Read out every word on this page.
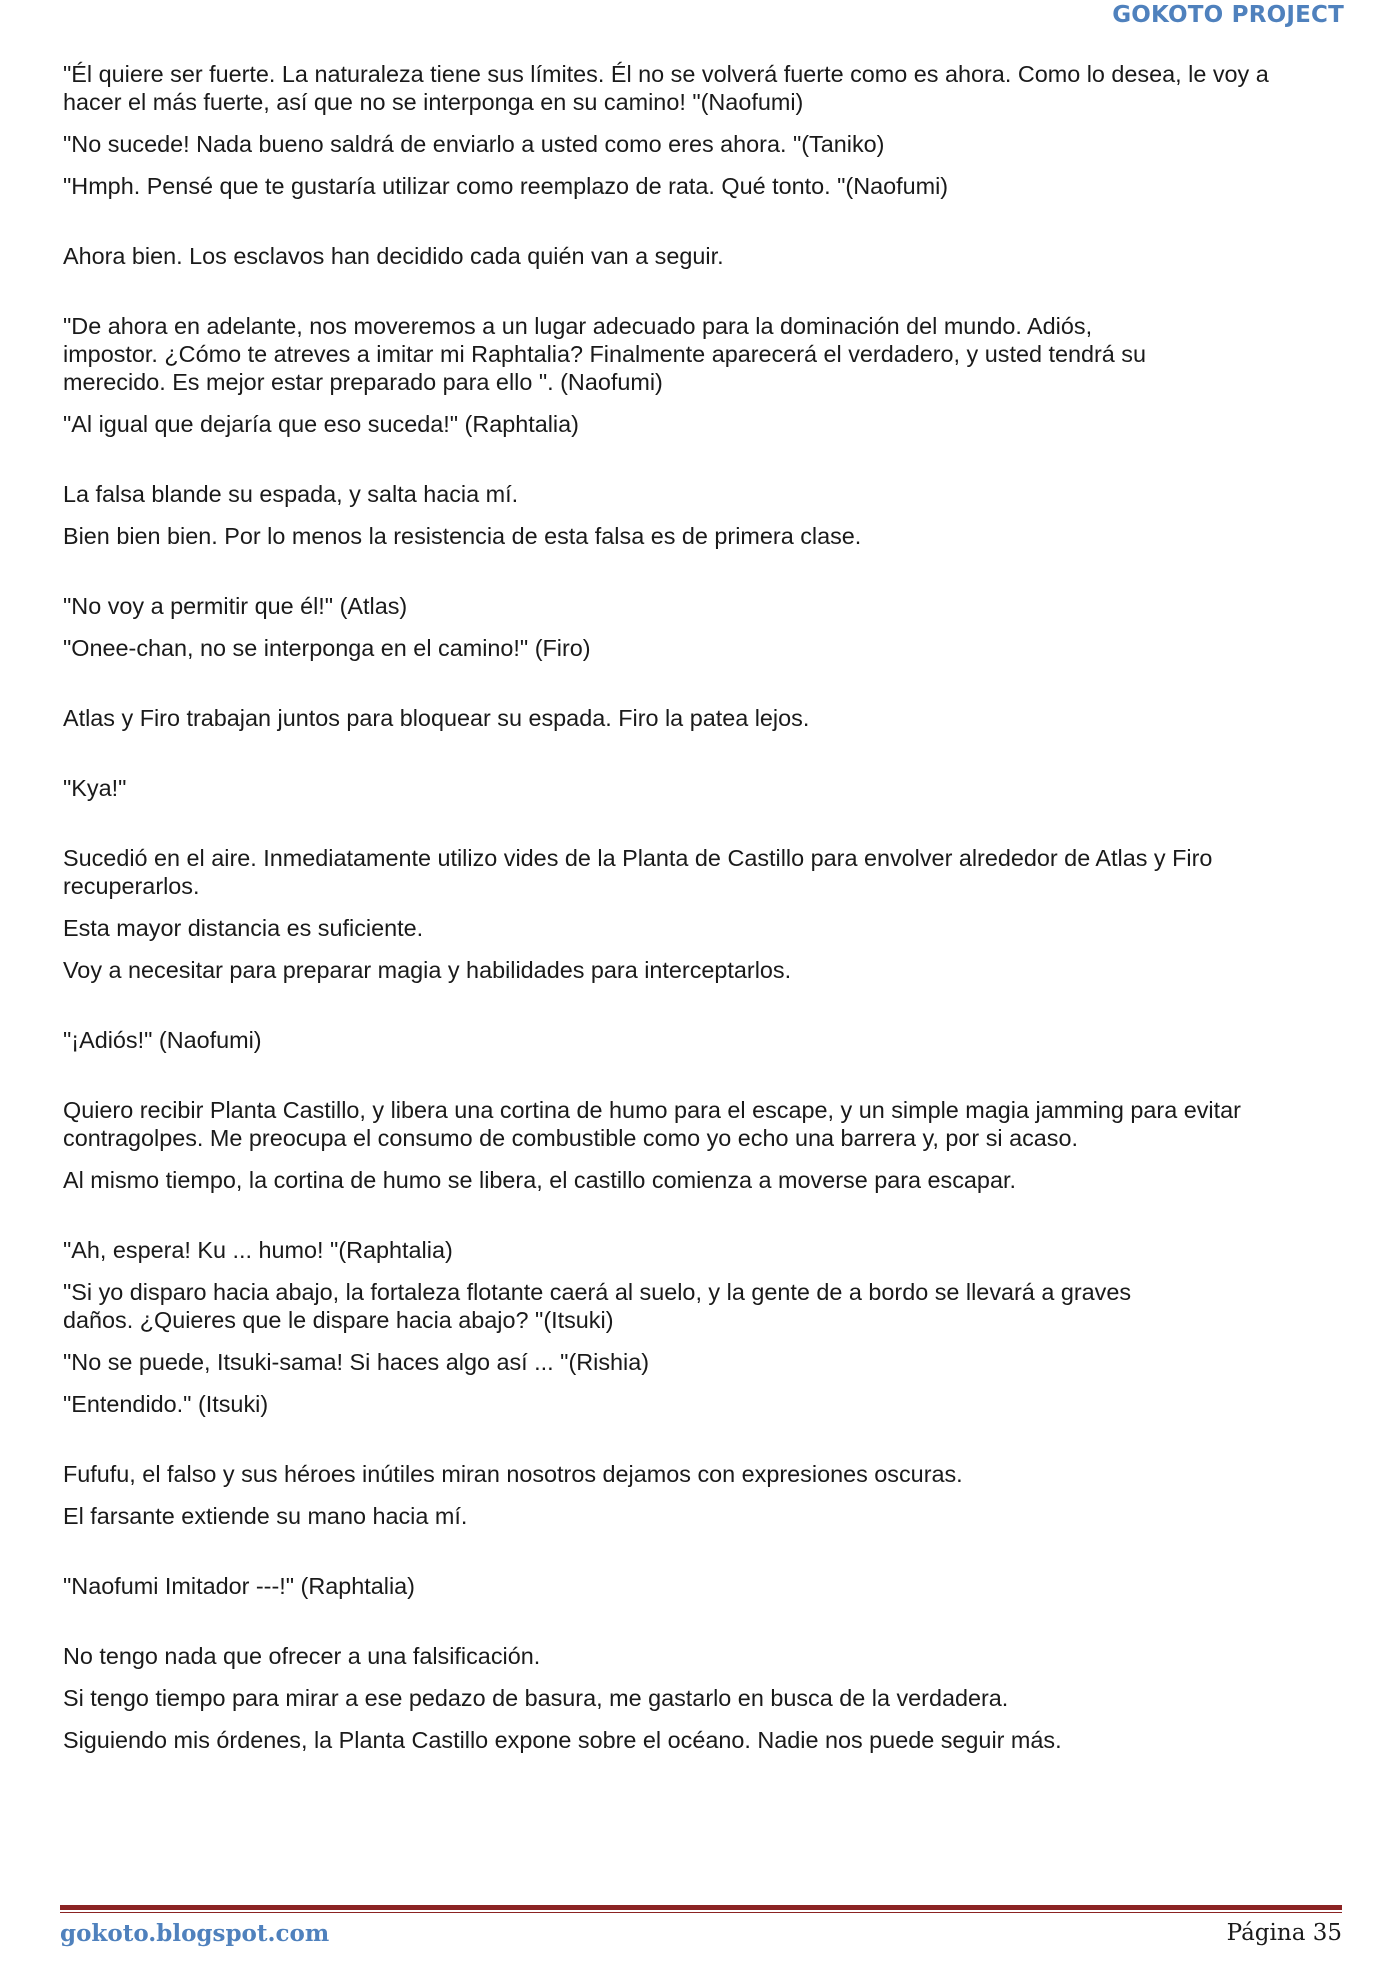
GOKOTO PROJECT

"Él quiere ser fuerte. La naturaleza tiene sus límites. Él no se volverá fuerte como es ahora. Como lo desea, le voy a
hacer el más fuerte, así que no se interponga en su camino! "(Naofumi)

"No sucede! Nada bueno saldrá de enviarlo a usted como eres ahora. "(Taniko)

"Hmph. Pensé que te gustaría utilizar como reemplazo de rata. Qué tonto. "(Naofumi)

Ahora bien. Los esclavos han decidido cada quién van a seguir.

"De ahora en adelante, nos moveremos a un lugar adecuado para la dominación del mundo. Adiós,
impostor. ¿Cómo te atreves a imitar mi Raphtalia? Finalmente aparecerá el verdadero, y usted tendrá su
merecido. Es mejor estar preparado para ello ". (Naofumi)

"Al igual que dejaría que eso suceda!" (Raphtalia)

La falsa blande su espada, y salta hacia mí.

Bien bien bien. Por lo menos la resistencia de esta falsa es de primera clase.

"No voy a permitir que él!" (Atlas)

"Onee-chan, no se interponga en el camino!" (Firo)

Atlas y Firo trabajan juntos para bloquear su espada. Firo la patea lejos.

"Kya!"

Sucedió en el aire. Inmediatamente utilizo vides de la Planta de Castillo para envolver alrededor de Atlas y Firo
recuperarlos.

Esta mayor distancia es suficiente.

Voy a necesitar para preparar magia y habilidades para interceptarlos.

"¡Adiós!" (Naofumi)

Quiero recibir Planta Castillo, y libera una cortina de humo para el escape, y un simple magia jamming para evitar
contragolpes. Me preocupa el consumo de combustible como yo echo una barrera y, por si acaso.

Al mismo tiempo, la cortina de humo se libera, el castillo comienza a moverse para escapar.

"Ah, espera! Ku ... humo! "(Raphtalia)

"Si yo disparo hacia abajo, la fortaleza flotante caerá al suelo, y la gente de a bordo se llevará a graves
daños. ¿Quieres que le dispare hacia abajo? "(Itsuki)

"No se puede, Itsuki-sama! Si haces algo así ... "(Rishia)

"Entendido." (Itsuki)

Fufufu, el falso y sus héroes inútiles miran nosotros dejamos con expresiones oscuras.

El farsante extiende su mano hacia mí.

"Naofumi Imitador ---!" (Raphtalia)

No tengo nada que ofrecer a una falsificación.

Si tengo tiempo para mirar a ese pedazo de basura, me gastarlo en busca de la verdadera.

Siguiendo mis órdenes, la Planta Castillo expone sobre el océano. Nadie nos puede seguir más.

gokoto.blogspot.com	Página 35
